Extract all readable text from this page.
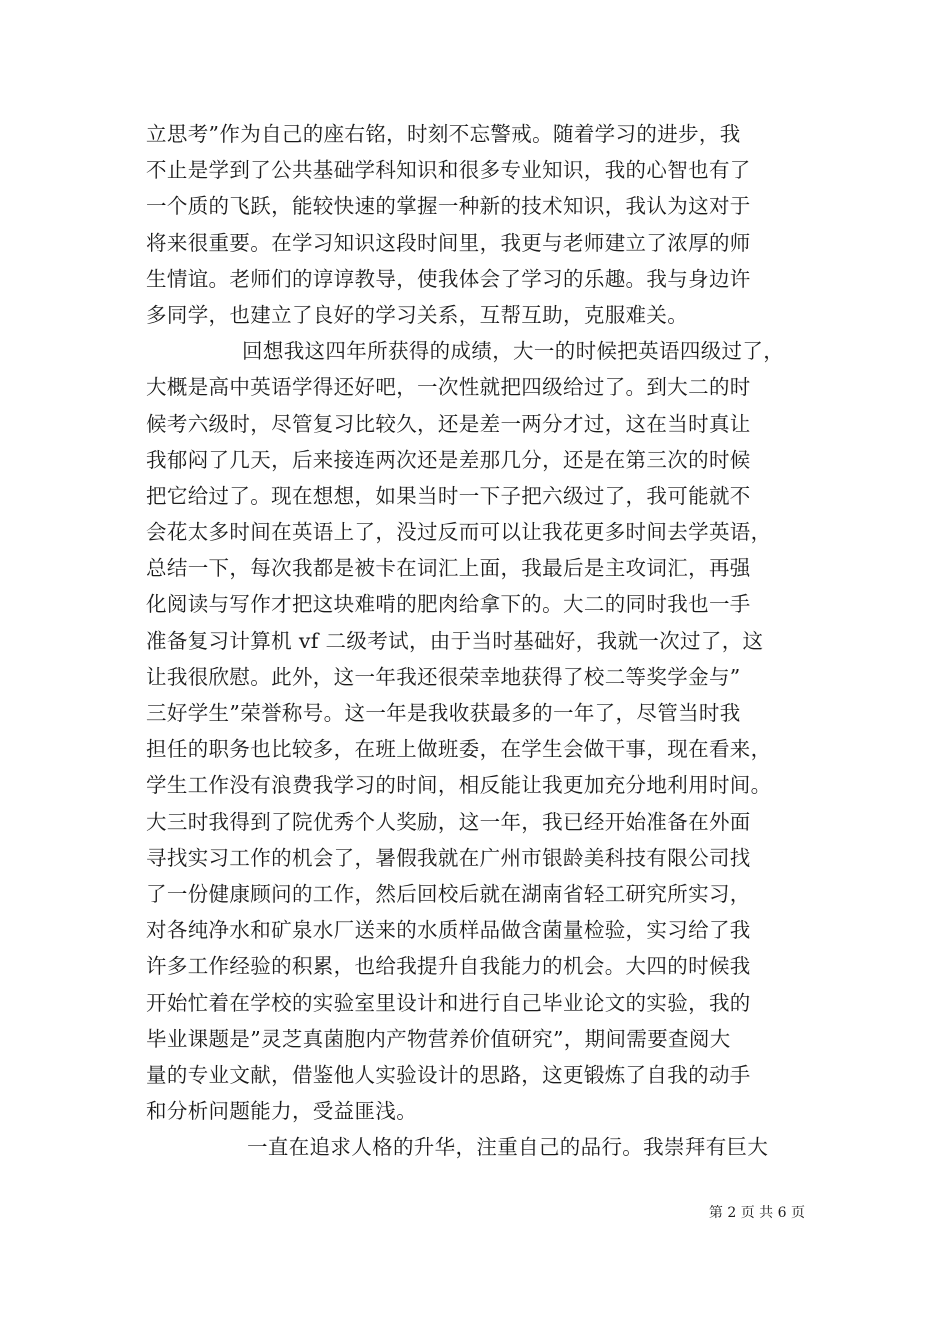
立思考”作为自己的座右铭，时刻不忘警戒。随着学习的进步，我
不止是学到了公共基础学科知识和很多专业知识，我的心智也有了
一个质的飞跃，能较快速的掌握一种新的技术知识，我认为这对于
将来很重要。在学习知识这段时间里，我更与老师建立了浓厚的师
生情谊。老师们的谆谆教导，使我体会了学习的乐趣。我与身边许
多同学，也建立了良好的学习关系，互帮互助，克服难关。
回想我这四年所获得的成绩，大一的时候把英语四级过了，
大概是高中英语学得还好吧，一次性就把四级给过了。到大二的时
候考六级时，尽管复习比较久，还是差一两分才过，这在当时真让
我郁闷了几天，后来接连两次还是差那几分，还是在第三次的时候
把它给过了。现在想想，如果当时一下子把六级过了，我可能就不
会花太多时间在英语上了，没过反而可以让我花更多时间去学英语，
总结一下，每次我都是被卡在词汇上面，我最后是主攻词汇，再强
化阅读与写作才把这块难啃的肥肉给拿下的。大二的同时我也一手
准备复习计算机 vf 二级考试，由于当时基础好，我就一次过了，这
让我很欣慰。此外，这一年我还很荣幸地获得了校二等奖学金与”
三好学生”荣誉称号。这一年是我收获最多的一年了，尽管当时我
担任的职务也比较多，在班上做班委，在学生会做干事，现在看来，
学生工作没有浪费我学习的时间，相反能让我更加充分地利用时间。
大三时我得到了院优秀个人奖励，这一年，我已经开始准备在外面
寻找实习工作的机会了，暑假我就在广州市银龄美科技有限公司找
了一份健康顾问的工作，然后回校后就在湖南省轻工研究所实习，
对各纯净水和矿泉水厂送来的水质样品做含菌量检验，实习给了我
许多工作经验的积累，也给我提升自我能力的机会。大四的时候我
开始忙着在学校的实验室里设计和进行自己毕业论文的实验，我的
毕业课题是”灵芝真菌胞内产物营养价值研究”，期间需要查阅大
量的专业文献，借鉴他人实验设计的思路，这更锻炼了自我的动手
和分析问题能力，受益匪浅。
一直在追求人格的升华，注重自己的品行。我崇拜有巨大
第 2 页 共 6 页
